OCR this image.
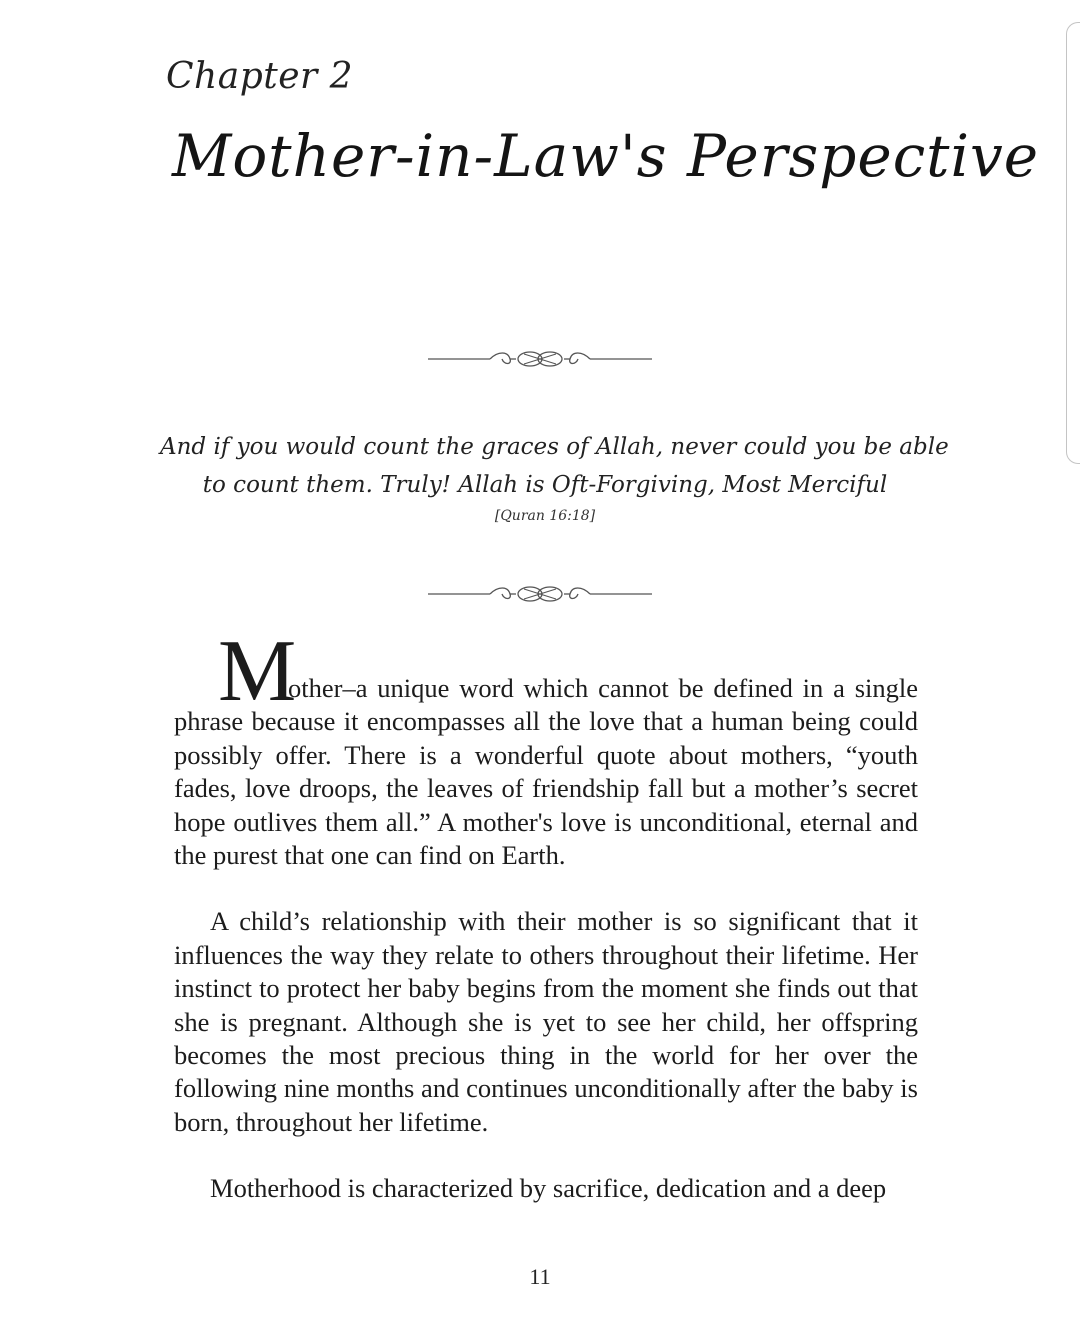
Chapter 2
Mother-in-Law's Perspective
And if you would count the graces of Allah, never could you be able
to count them. Truly! Allah is Oft-Forgiving, Most Merciful
[Quran 16:18]

M
other–a unique word which cannot be defined in a single phrase because it encompasses all the love that a human being could possibly offer. There is a wonderful quote about mothers, “youth fades, love droops, the leaves of friendship fall but a mother’s secret hope outlives them all.” A mother's love is unconditional, eternal and the purest that one can find on Earth.

A child’s relationship with their mother is so significant that it influences the way they relate to others throughout their lifetime. Her instinct to protect her baby begins from the moment she finds out that she is pregnant. Although she is yet to see her child, her offspring becomes the most precious thing in the world for her over the following nine months and continues unconditionally after the baby is born, throughout her lifetime.

Motherhood is characterized by sacrifice, dedication and a deep

11
